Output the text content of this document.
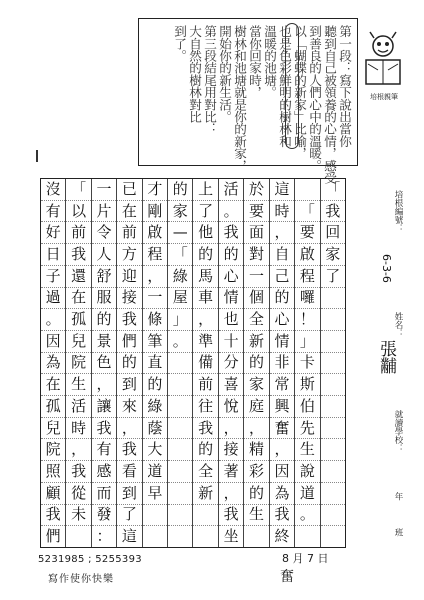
第一段：寫下說出當你
聽到自己被領養的心情，感受
到善良的人們心中的溫暖。
以「蝴蝶的新家」比喻，
也是色彩鮮明的樹林和
溫暖的池塘。
當你回家時，
樹林和池塘就是你的新家，
開始你的新生活。
第三段結尾用對比：
大自然的樹林對比
到了。
培根親筆
培根編號：
6-3-6
姓名：
張黼
就讀學校：
年
班
「
我
回
家
了
「
要
啟
程
囉
！
」
卡
斯
伯
先
生
說
道
。
這
時
，
自
己
的
心
情
非
常
興
奮
，
因
為
我
終
於
要
面
對
一
個
全
新
的
家
庭
，
精
彩
的
生
活
。
我
的
心
情
也
十
分
喜
悅
，
接
著
，
我
坐
上
了
他
的
馬
車
，
準
備
前
往
我
的
全
新
的
家
—
「
綠
屋
」
。
才
剛
啟
程
，
一
條
筆
直
的
綠
蔭
大
道
早
已
在
前
方
迎
接
我
們
的
到
來
，
我
看
到
了
這
一
片
令
人
舒
服
的
景
色
，
讓
我
有
感
而
發
：
「
以
前
我
還
在
孤
兒
院
生
活
時
，
我
從
未
沒
有
好
日
子
過
。
因
為
在
孤
兒
院
照
顧
我
們
5231985 ; 5255393
寫作使你快樂
8 月 7 日
奮
